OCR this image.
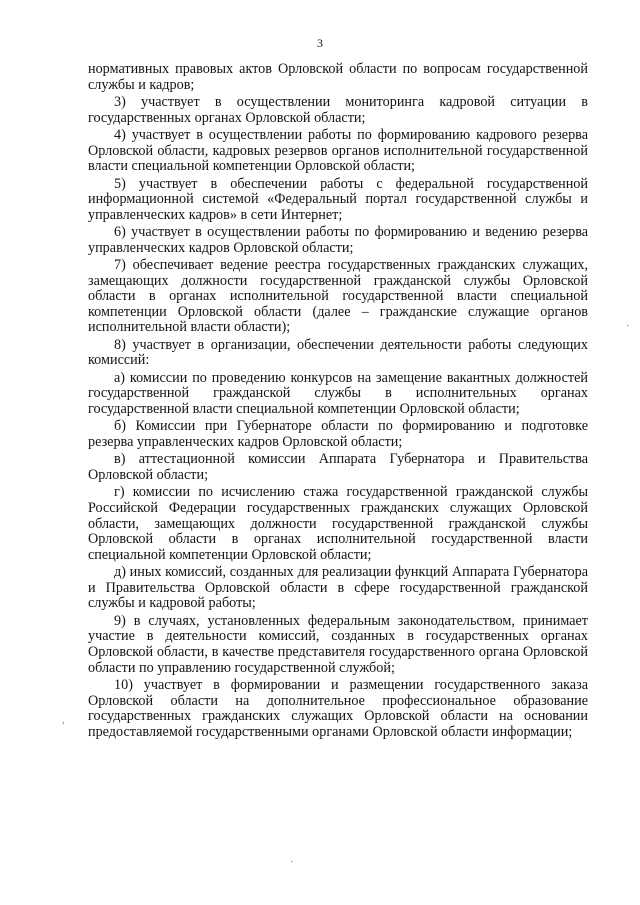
3

нормативных правовых актов Орловской области по вопросам государственной службы и кадров;

3) участвует в осуществлении мониторинга кадровой ситуации в государственных органах Орловской области;

4) участвует в осуществлении работы по формированию кадрового резерва Орловской области, кадровых резервов органов исполнительной государственной власти специальной компетенции Орловской области;

5) участвует в обеспечении работы с федеральной государственной информационной системой «Федеральный портал государственной службы и управленческих кадров» в сети Интернет;

6) участвует в осуществлении работы по формированию и ведению резерва управленческих кадров Орловской области;

7) обеспечивает ведение реестра государственных гражданских служащих, замещающих должности государственной гражданской службы Орловской области в органах исполнительной государственной власти специальной компетенции Орловской области (далее – гражданские служащие органов исполнительной власти области);

8) участвует в организации, обеспечении деятельности работы следующих комиссий:

а) комиссии по проведению конкурсов на замещение вакантных должностей государственной гражданской службы в исполнительных органах государственной власти специальной компетенции Орловской области;

б) Комиссии при Губернаторе области по формированию и подготовке резерва управленческих кадров Орловской области;

в) аттестационной комиссии Аппарата Губернатора и Правительства Орловской области;

г) комиссии по исчислению стажа государственной гражданской службы Российской Федерации государственных гражданских служащих Орловской области, замещающих должности государственной гражданской службы Орловской области в органах исполнительной государственной власти специальной компетенции Орловской области;

д) иных комиссий, созданных для реализации функций Аппарата Губернатора и Правительства Орловской области в сфере государственной гражданской службы и кадровой работы;

9) в случаях, установленных федеральным законодательством, принимает участие в деятельности комиссий, созданных в государственных органах Орловской области, в качестве представителя государственного органа Орловской области по управлению государственной службой;

10) участвует в формировании и размещении государственного заказа Орловской области на дополнительное профессиональное образование государственных гражданских служащих Орловской области на основании предоставляемой государственными органами Орловской области информации;

·
,
·
